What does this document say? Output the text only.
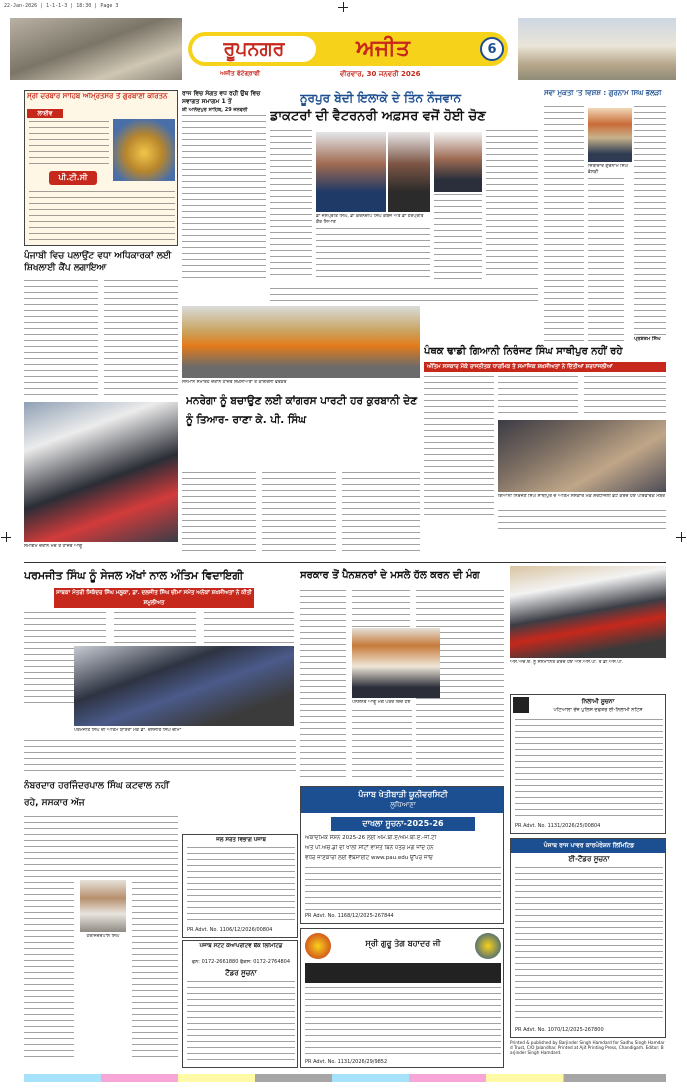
22-Jan-2026 | 1-1-1-3 | 18:30 | Page 3
ਰੂਪਨਗਰ	ਅਜੀਤ	6
ਅਜੀਤ ਫੋਟੋਗ੍ਰਾਫੀ	ਵੀਰਵਾਰ, 30 ਜਨਵਰੀ 2026
ਸ੍ਰੀ ਦਰਬਾਰ ਸਾਹਿਬ ਅੰਮ੍ਰਿਤਸਰ ਤੋਂ ਗੁਰਬਾਣੀ ਕੀਰਤਨ
ਲਾਈਵ
ਪੀ.ਟੀ.ਸੀ
ਰਾਜ ਵਿਚ ਸੰਗਤ ਵਧ ਰਹੀ ਉਥ ਵਿਚ ਸਵਾਗਤ ਸਮਾਗਮ 1 ਤੋਂ
ਸ਼ੀ ਆਨੰਦਪੁਰ ਸਾਹਿਬ, 29 ਜਨਵਰੀ
ਨੂਰਪੁਰ ਬੇਦੀ ਇਲਾਕੇ ਦੇ ਤਿੰਨ ਨੌਜਵਾਨ
ਡਾਕਟਰਾਂ ਦੀ ਵੈਟਰਨਰੀ ਅਫ਼ਸਰ ਵਜੋਂ ਹੋਈ ਚੋਣ
ਡਾ ਜਸਪ੍ਰੀਤ ਸਿੰਘ, ਡਾ ਕਰਨਦੀਪ ਸਿੰਘ ਕੰਬੋਜ ਅਤੇ ਡਾ ਹਰਪ੍ਰੀਤ ਕੌਰ ਸਿਆਣ
ਸੇਵਾ ਮੁਕਤੀ 'ਤੇ ਵਿਸ਼ੇਸ਼ : ਗੁਰਨਾਮ ਸਿੰਘ ਭੱਲੜੀ
ਜਿੱਤੀਦਾਰ ਗੁਰਨਾਮ ਸਿੰਘ ਭੱਲੜੀ
ਪ੍ਰਸ਼ੋਤਮ ਸਿੰਘ
ਪੰਜਾਬੀ ਵਿਚ ਪਲਾਉਂਟ ਵਧਾ ਅਧਿਕਾਰਕਾਂ ਲਈ ਸ਼ਿਖਲਾਈ ਕੈਂਪ ਲਗਾਇਆ
ਪੰਥਕ ਢਾਡੀ ਗਿਆਨੀ ਨਿਰੰਜਣ ਸਿੰਘ ਸਾਥੀਪੁਰ ਨਹੀਂ ਰਹੇ
ਅੰਤਿਮ ਸਸਕਾਰ ਮੌਕੇ ਰਾਜਨੀਤਕ ਧਾਰਮਿਕ ਤੇ ਸਮਾਜਿਕ ਸ਼ਖ਼ਸੀਅਤਾਂ ਨੇ ਦਿੱਤੀਆਂ ਸ਼ਰਧਾਂਜਲੀਆਂ
ਗਿਆਨੀ ਨਿਰੰਜਣ ਸਿੰਘ ਸਾਥੀਪੁਰ ਦੇ ਅੰਤਿਮ ਸਸਕਾਰ ਮੌਕੇ ਸ਼ਰਧਾਂਜਲੀ ਭੇਟ ਕਰਦੇ ਹੋਏ ਪਰਿਵਾਰਕ ਮੈਂਬਰ
ਸਨਮਾਨ ਸਮਾਰੋਹ ਦੌਰਾਨ ਹਾਜ਼ਰ ਸ਼ਖ਼ਸੀਅਤਾਂ ਤੇ ਕਾਂਗਰਸੀ ਵਰਕਰ
ਸਮਾਗਮ ਦੌਰਾਨ ਮੰਚ ਤੇ ਹਾਜ਼ਰ ਆਗੂ
ਮਨਰੇਗਾ ਨੂੰ ਬਚਾਉਣ ਲਈ ਕਾਂਗਰਸ ਪਾਰਟੀ ਹਰ ਕੁਰਬਾਨੀ ਦੇਣ ਨੂੰ ਤਿਆਰ- ਰਾਣਾ ਕੇ. ਪੀ. ਸਿੰਘ
ਪਰਮਜੀਤ ਸਿੰਘ ਨੂੰ ਸੇਜਲ ਅੱਖਾਂ ਨਾਲ ਅੰਤਿਮ ਵਿਦਾਇਗੀ
ਸਾਬਕਾ ਮੰਤਰੀ ਸਿਕੰਦਰ ਸਿੰਘ ਮਲੂਕਾ, ਡਾ. ਦਲਜੀਤ ਸਿੰਘ ਚੀਮਾ ਸਮੇਤ ਅਨੇਕਾਂ ਸ਼ਖ਼ਸੀਅਤਾਂ ਨੇ ਕੀਤੀ ਸ਼ਮੂਲੀਅਤ
ਪਰਮਜੀਤ ਸਿੰਘ ਦੀ ਅੰਤਿਮ ਯਾਤਰਾ ਮੌਕੇ ਡਾ. ਦਲਜੀਤ ਸਿੰਘ ਚੀਮਾ
ਨੰਬਰਦਾਰ ਹਰਜਿੰਦਰਪਾਲ ਸਿੰਘ ਕਟਵਾਲ ਨਹੀਂ ਰਹੇ, ਸਸਕਾਰ ਅੱਜ
ਹਰਜਿੰਦਰਪਾਲ ਸਿੰਘ
ਸਰਕਾਰ ਤੋਂ ਪੈਨਸ਼ਨਰਾਂ ਦੇ ਮਸਲੇ ਹੱਲ ਕਰਨ ਦੀ ਮੰਗ
ਪੈਨਸ਼ਨਰ ਆਗੂ ਮੰਗ ਪੱਤਰ ਦਿੰਦੇ ਹੋਏ
ਐਸ.ਐਚ.ਓ. ਨੂੰ ਸਨਮਾਨਿਤ ਕਰਦੇ ਹੋਏ ਐਸ.ਐਸ.ਪੀ. ਤੇ ਡੀ.ਐਸ.ਪੀ.
ਨਿਲਾਮੀ ਸੂਚਨਾ
ਪਟਿਆਲਾ ਰੇਂਜ ਪੁਲਿਸ ਦਫਤਰ ਈ-ਨਿਲਾਮੀ ਨੋਟਿਸ
PR Advt. No. 1131/2026/25/00804
ਪੰਜਾਬ ਖੇਤੀਬਾੜੀ ਯੂਨੀਵਰਸਿਟੀ
ਲੁਧਿਆਣਾ
ਦਾਖਲਾ ਸੂਚਨਾ-2025-26
ਅਕਾਦਮਿਕ ਸੈਸ਼ਨ 2025-26 ਲਈ ਐਮ.ਬੀ.ਏ/ਐਮ.ਬੀ.ਏ.-ਜੀ.ਟੀ
ਅਤੇ ਪੀ.ਐਚ.ਡੀ ਦੀ ਖਾਲੀ ਸੀਟਾਂ ਵਾਸਤੇ ਬਿਨੈ ਪੱਤਰ ਮੰਗੇ ਜਾਂਦੇ ਹਨ
ਵਧੇਰੇ ਜਾਣਕਾਰੀ ਲਈ ਵੈੱਬਸਾਈਟ www.pau.edu ਉੱਪਰ ਜਾਓ
PR Advt. No. 1168/12/2025-267844
ਜਲ ਸਰੋਤ ਵਿਭਾਗ ਪੰਜਾਬ
PR Advt. No. 1106/12/2026/00804
ਪੰਜਾਬ ਸਟੇਟ ਕੋਆਪਰੇਟਿਵ ਬੈਂਕ ਲਿਮਿਟਿਡ
ਫੋਨ: 0172-2661880 ਫੈਕਸ: 0172-2764804
ਟੈਂਡਰ ਸੂਚਨਾ
ਸ੍ਰੀ ਗੁਰੂ ਤੇਗ ਬਹਾਦਰ ਜੀ
PR Advt. No. 1131/2026/29/9852
ਪੰਜਾਬ ਰਾਜ ਪਾਵਰ ਕਾਰਪੋਰੇਸ਼ਨ ਲਿਮਿਟਿਡ
ਈ-ਟੈਂਡਰ ਸੂਚਨਾ
PR Advt. No. 1070/12/2025-267800
Printed & published by Barjinder Singh Hamdard for Sadhu Singh Hamdard Trust, C/O Jalandhar. Printed at Ajit Printing Press, Chandigarh. Editor: Barjinder Singh Hamdard.
